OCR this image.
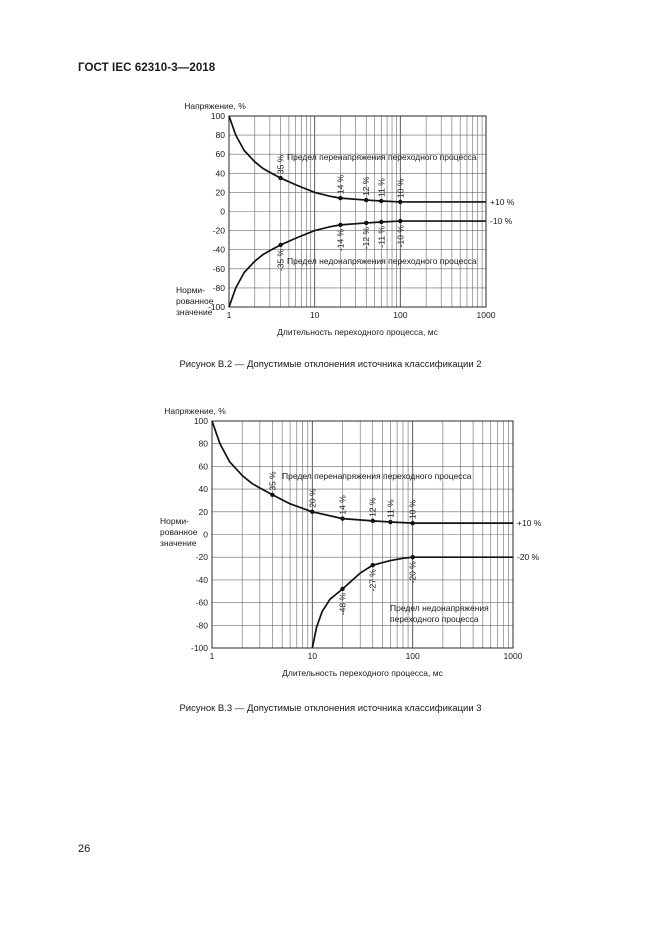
ГОСТ IEC 62310-3—2018
100
80
60
40
20
0
-20
-40
-60
-80
-100
1	10	100	1000
Напряжение, %
Длительность переходного процесса, мс
Норми-
рованное
значение
+10 %
35 %
14 % 12 % 11 % 10 %
Предел перенапряжения переходного процесса
-10 %
-35 %
-14 % -12 % -11 % -10 %
Предел недонапряжения переходного процесса
Рисунок В.2 — Допустимые отклонения источника классификации 2
100
80
60
40
20
0
-20
-40
-60
-80
-100
1	10	100	1000
Напряжение, %
Длительность переходного процесса, мс
Норми-
рованное
значение
+10 %
35 %
20 % 14 % 12 % 11 % 10 %
Предел перенапряжения переходного процесса
-20 %
-48 %
-27 %	-20 %
Предел недонапряжения
переходного процесса
Рисунок В.3 — Допустимые отклонения источника классификации 3
26
